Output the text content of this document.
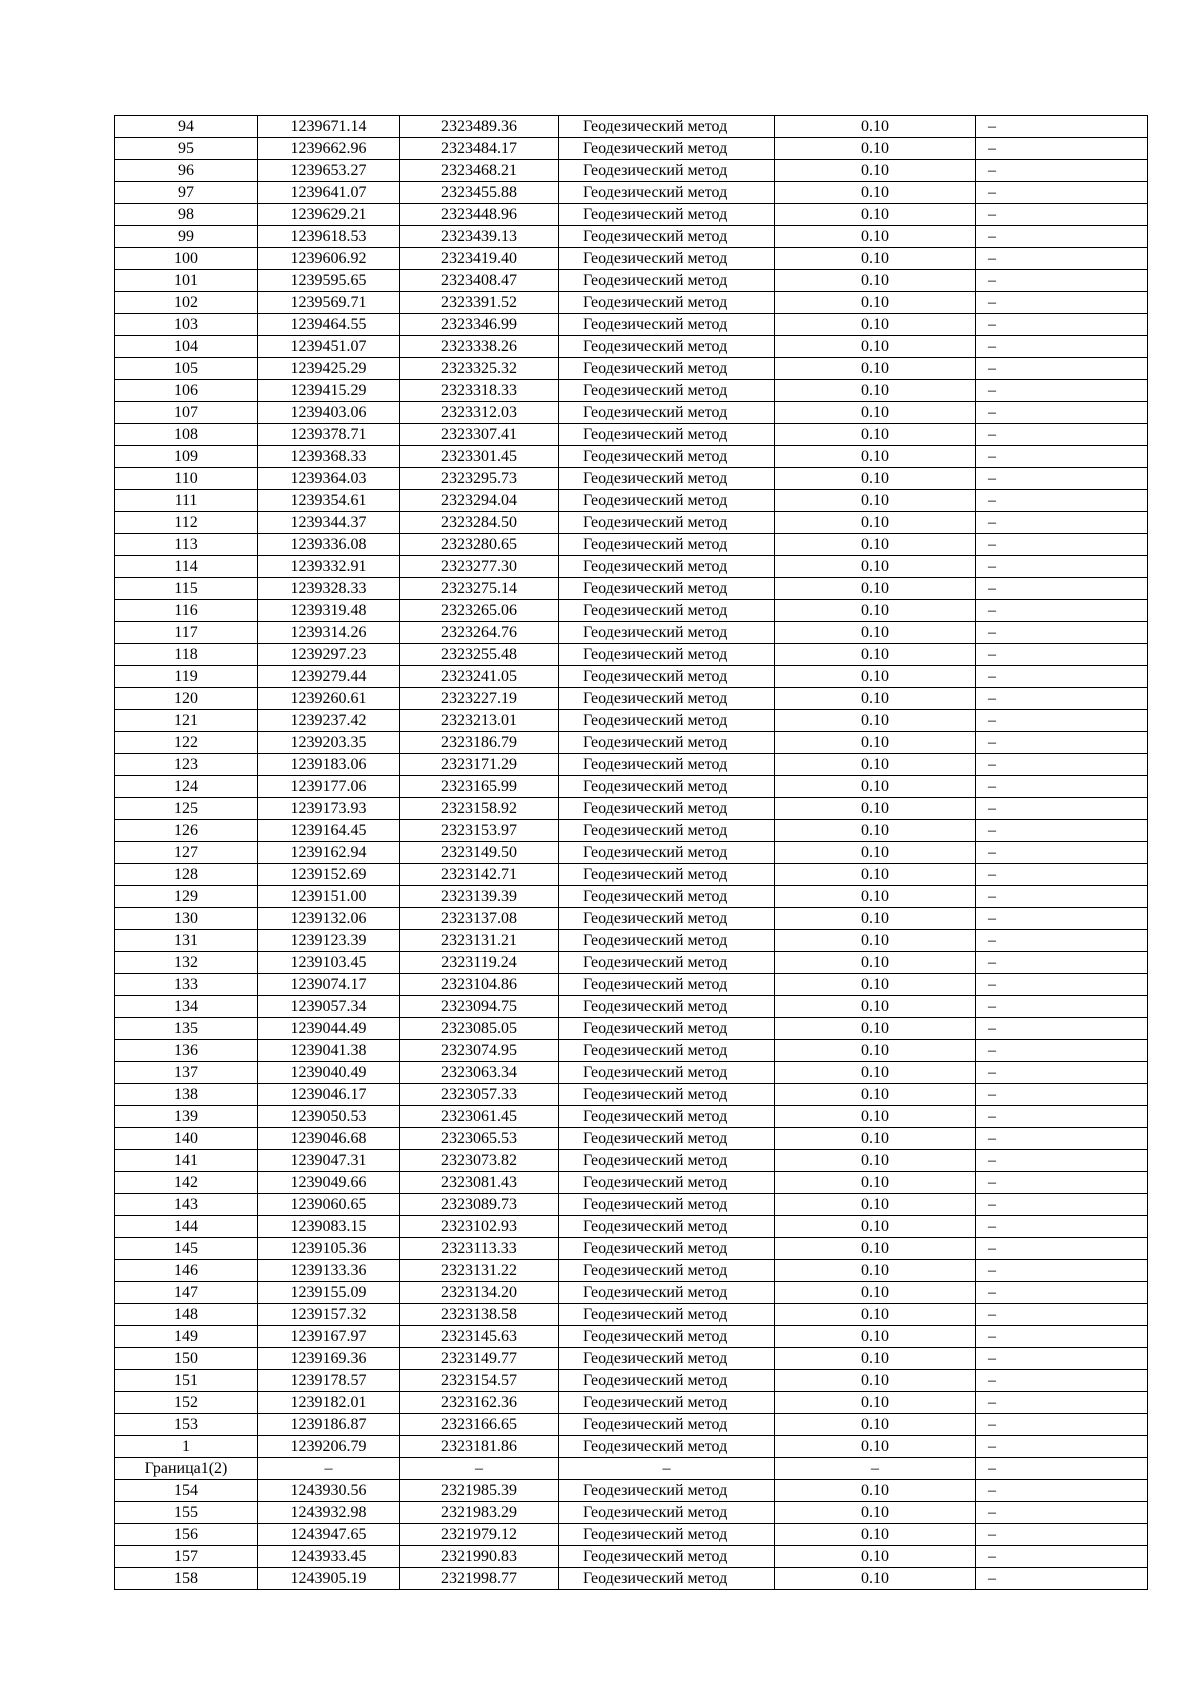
94	1239671.14	2323489.36	Геодезический метод	0.10	–
95	1239662.96	2323484.17	Геодезический метод	0.10	–
96	1239653.27	2323468.21	Геодезический метод	0.10	–
97	1239641.07	2323455.88	Геодезический метод	0.10	–
98	1239629.21	2323448.96	Геодезический метод	0.10	–
99	1239618.53	2323439.13	Геодезический метод	0.10	–
100	1239606.92	2323419.40	Геодезический метод	0.10	–
101	1239595.65	2323408.47	Геодезический метод	0.10	–
102	1239569.71	2323391.52	Геодезический метод	0.10	–
103	1239464.55	2323346.99	Геодезический метод	0.10	–
104	1239451.07	2323338.26	Геодезический метод	0.10	–
105	1239425.29	2323325.32	Геодезический метод	0.10	–
106	1239415.29	2323318.33	Геодезический метод	0.10	–
107	1239403.06	2323312.03	Геодезический метод	0.10	–
108	1239378.71	2323307.41	Геодезический метод	0.10	–
109	1239368.33	2323301.45	Геодезический метод	0.10	–
110	1239364.03	2323295.73	Геодезический метод	0.10	–
111	1239354.61	2323294.04	Геодезический метод	0.10	–
112	1239344.37	2323284.50	Геодезический метод	0.10	–
113	1239336.08	2323280.65	Геодезический метод	0.10	–
114	1239332.91	2323277.30	Геодезический метод	0.10	–
115	1239328.33	2323275.14	Геодезический метод	0.10	–
116	1239319.48	2323265.06	Геодезический метод	0.10	–
117	1239314.26	2323264.76	Геодезический метод	0.10	–
118	1239297.23	2323255.48	Геодезический метод	0.10	–
119	1239279.44	2323241.05	Геодезический метод	0.10	–
120	1239260.61	2323227.19	Геодезический метод	0.10	–
121	1239237.42	2323213.01	Геодезический метод	0.10	–
122	1239203.35	2323186.79	Геодезический метод	0.10	–
123	1239183.06	2323171.29	Геодезический метод	0.10	–
124	1239177.06	2323165.99	Геодезический метод	0.10	–
125	1239173.93	2323158.92	Геодезический метод	0.10	–
126	1239164.45	2323153.97	Геодезический метод	0.10	–
127	1239162.94	2323149.50	Геодезический метод	0.10	–
128	1239152.69	2323142.71	Геодезический метод	0.10	–
129	1239151.00	2323139.39	Геодезический метод	0.10	–
130	1239132.06	2323137.08	Геодезический метод	0.10	–
131	1239123.39	2323131.21	Геодезический метод	0.10	–
132	1239103.45	2323119.24	Геодезический метод	0.10	–
133	1239074.17	2323104.86	Геодезический метод	0.10	–
134	1239057.34	2323094.75	Геодезический метод	0.10	–
135	1239044.49	2323085.05	Геодезический метод	0.10	–
136	1239041.38	2323074.95	Геодезический метод	0.10	–
137	1239040.49	2323063.34	Геодезический метод	0.10	–
138	1239046.17	2323057.33	Геодезический метод	0.10	–
139	1239050.53	2323061.45	Геодезический метод	0.10	–
140	1239046.68	2323065.53	Геодезический метод	0.10	–
141	1239047.31	2323073.82	Геодезический метод	0.10	–
142	1239049.66	2323081.43	Геодезический метод	0.10	–
143	1239060.65	2323089.73	Геодезический метод	0.10	–
144	1239083.15	2323102.93	Геодезический метод	0.10	–
145	1239105.36	2323113.33	Геодезический метод	0.10	–
146	1239133.36	2323131.22	Геодезический метод	0.10	–
147	1239155.09	2323134.20	Геодезический метод	0.10	–
148	1239157.32	2323138.58	Геодезический метод	0.10	–
149	1239167.97	2323145.63	Геодезический метод	0.10	–
150	1239169.36	2323149.77	Геодезический метод	0.10	–
151	1239178.57	2323154.57	Геодезический метод	0.10	–
152	1239182.01	2323162.36	Геодезический метод	0.10	–
153	1239186.87	2323166.65	Геодезический метод	0.10	–
1	1239206.79	2323181.86	Геодезический метод	0.10	–
Граница1(2)	–	–	–	–	–
154	1243930.56	2321985.39	Геодезический метод	0.10	–
155	1243932.98	2321983.29	Геодезический метод	0.10	–
156	1243947.65	2321979.12	Геодезический метод	0.10	–
157	1243933.45	2321990.83	Геодезический метод	0.10	–
158	1243905.19	2321998.77	Геодезический метод	0.10	–
